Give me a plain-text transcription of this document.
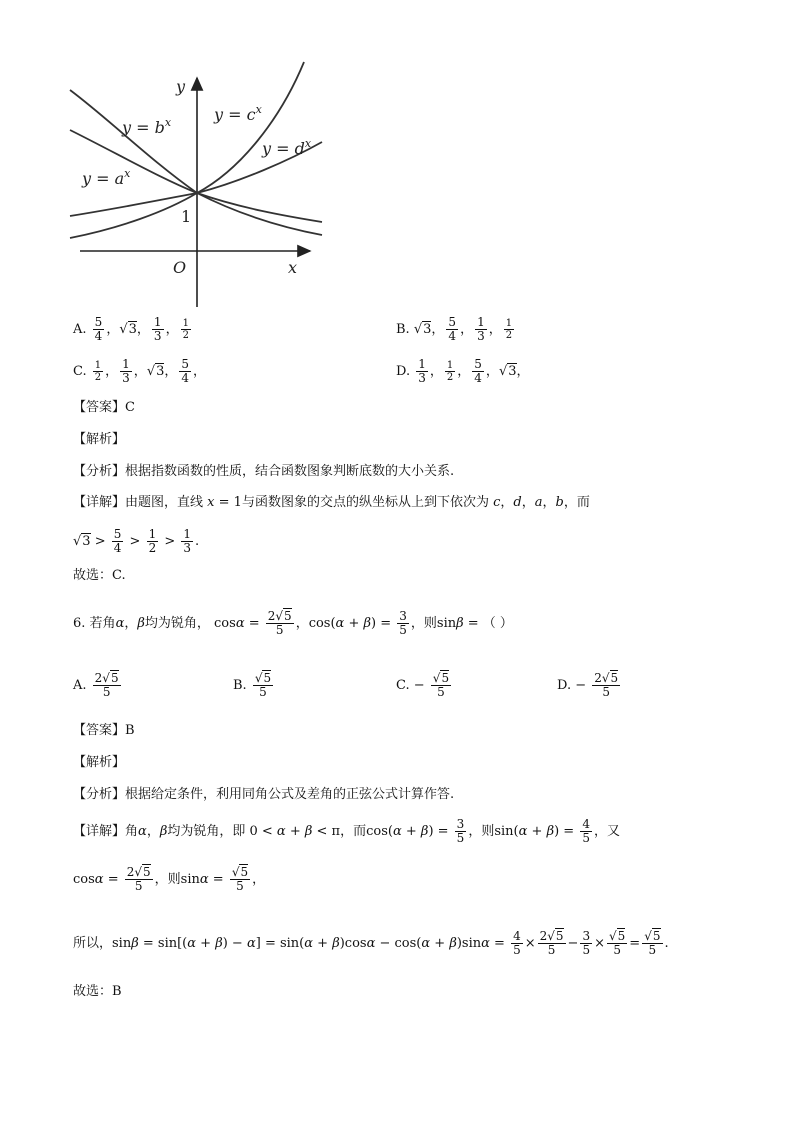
y
x
O
1
$y = b^x$	$y = c^x$
$y = d^x$
$y = a^x$
A. $\frac{5}{4}$ ，√3， $\frac{1}{3}$ ， $\frac{1}{2}$	B. √3， $\frac{5}{4}$ ， $\frac{1}{3}$ ， $\frac{1}{2}$
C. $\frac{1}{2}$ ， $\frac{1}{3}$ ，√3， $\frac{5}{4}$ ，	D. $\frac{1}{3}$ ， $\frac{1}{2}$ ， $\frac{5}{4}$ ，√3，
【答案】C
【解析】
【分析】根据指数函数的性质，结合函数图象判断底数的大小关系.
【详解】由题图，直线 x = 1与函数图象的交点的纵坐标从上到下依次为 c，d，a，b，而
$√3 > \frac{5}{4} > \frac{1}{2} > \frac{1}{3}$ .
故选：C.
6. 若角α，β均为锐角， $\cos\alpha = \frac{2√5}{5}$ ，$\cos(\alpha + \beta) = \frac{3}{5}$ ，则sinβ = （ ）
A. $\frac{2√5}{5}$	B. $\frac{√5}{5}$	C. − $\frac{√5}{5}$	D. − $\frac{2√5}{5}$
【答案】B
【解析】
【分析】根据给定条件，利用同角公式及差角的正弦公式计算作答.
【详解】角α，β均为锐角，即 0 < α + β < π，而$\cos(\alpha + \beta) = \frac{3}{5}$ ，则$\sin(\alpha + \beta) = \frac{4}{5}$ ，又
$\cos\alpha = \frac{2√5}{5}$ ，则$\sin\alpha = \frac{√5}{5}$ ，
所以，$\sin\beta = \sin[(\alpha + \beta) - \alpha] = \sin(\alpha + \beta)\cos\alpha - \cos(\alpha + \beta)\sin\alpha = \frac{4}{5} \times \frac{2√5}{5} - \frac{3}{5} \times \frac{√5}{5} = \frac{√5}{5}$ .
故选：B
